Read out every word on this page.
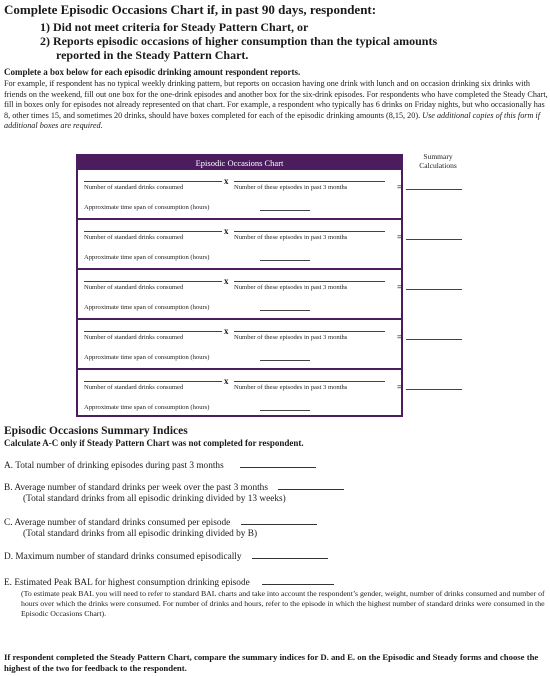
Complete Episodic Occasions Chart if, in past 90 days, respondent:
1) Did not meet criteria for Steady Pattern Chart, or
2) Reports episodic occasions of higher consumption than the typical amounts
reported in the Steady Pattern Chart.
Complete a box below for each episodic drinking amount respondent reports.
For example, if respondent has no typical weekly drinking pattern, but reports on occasion having one drink with lunch and on occasion drinking six drinks with friends on the weekend, fill out one box for the one-drink episodes and another box for the six-drink episodes. For respondents who have completed the Steady Chart, fill in boxes only for episodes not already represented on that chart. For example, a respondent who typically has 6 drinks on Friday nights, but who occasionally has 8, other times 15, and sometimes 20 drinks, should have boxes completed for each of the episodic drinking amounts (8,15, 20). Use additional copies of this form if additional boxes are required.
Episodic Occasions Chart
Summary Calculations
x
Number of standard drinks consumed	Number of these episodes in past 3 months
Approximate time span of consumption (hours)
=
x
Number of standard drinks consumed	Number of these episodes in past 3 months
Approximate time span of consumption (hours)
=
x
Number of standard drinks consumed	Number of these episodes in past 3 months
Approximate time span of consumption (hours)
=
x
Number of standard drinks consumed	Number of these episodes in past 3 months
Approximate time span of consumption (hours)
=
x
Number of standard drinks consumed	Number of these episodes in past 3 months
Approximate time span of consumption (hours)
=
Episodic Occasions Summary Indices
Calculate A-C only if Steady Pattern Chart was not completed for respondent.
A. Total number of drinking episodes during past 3 months
B. Average number of standard drinks per week over the past 3 months
(Total standard drinks from all episodic drinking divided by 13 weeks)
C. Average number of standard drinks consumed per episode
(Total standard drinks from all episodic drinking divided by B)
D. Maximum number of standard drinks consumed episodically
E. Estimated Peak BAL for highest consumption drinking episode
(To estimate peak BAL you will need to refer to standard BAL charts and take into account the respondent’s gender, weight, number of drinks consumed and number of hours over which the drinks were consumed. For number of drinks and hours, refer to the episode in which the highest number of standard drinks were consumed in the Episodic Occasions Chart).
If respondent completed the Steady Pattern Chart, compare the summary indices for D. and E. on the Episodic and Steady forms and choose the highest of the two for feedback to the respondent.
